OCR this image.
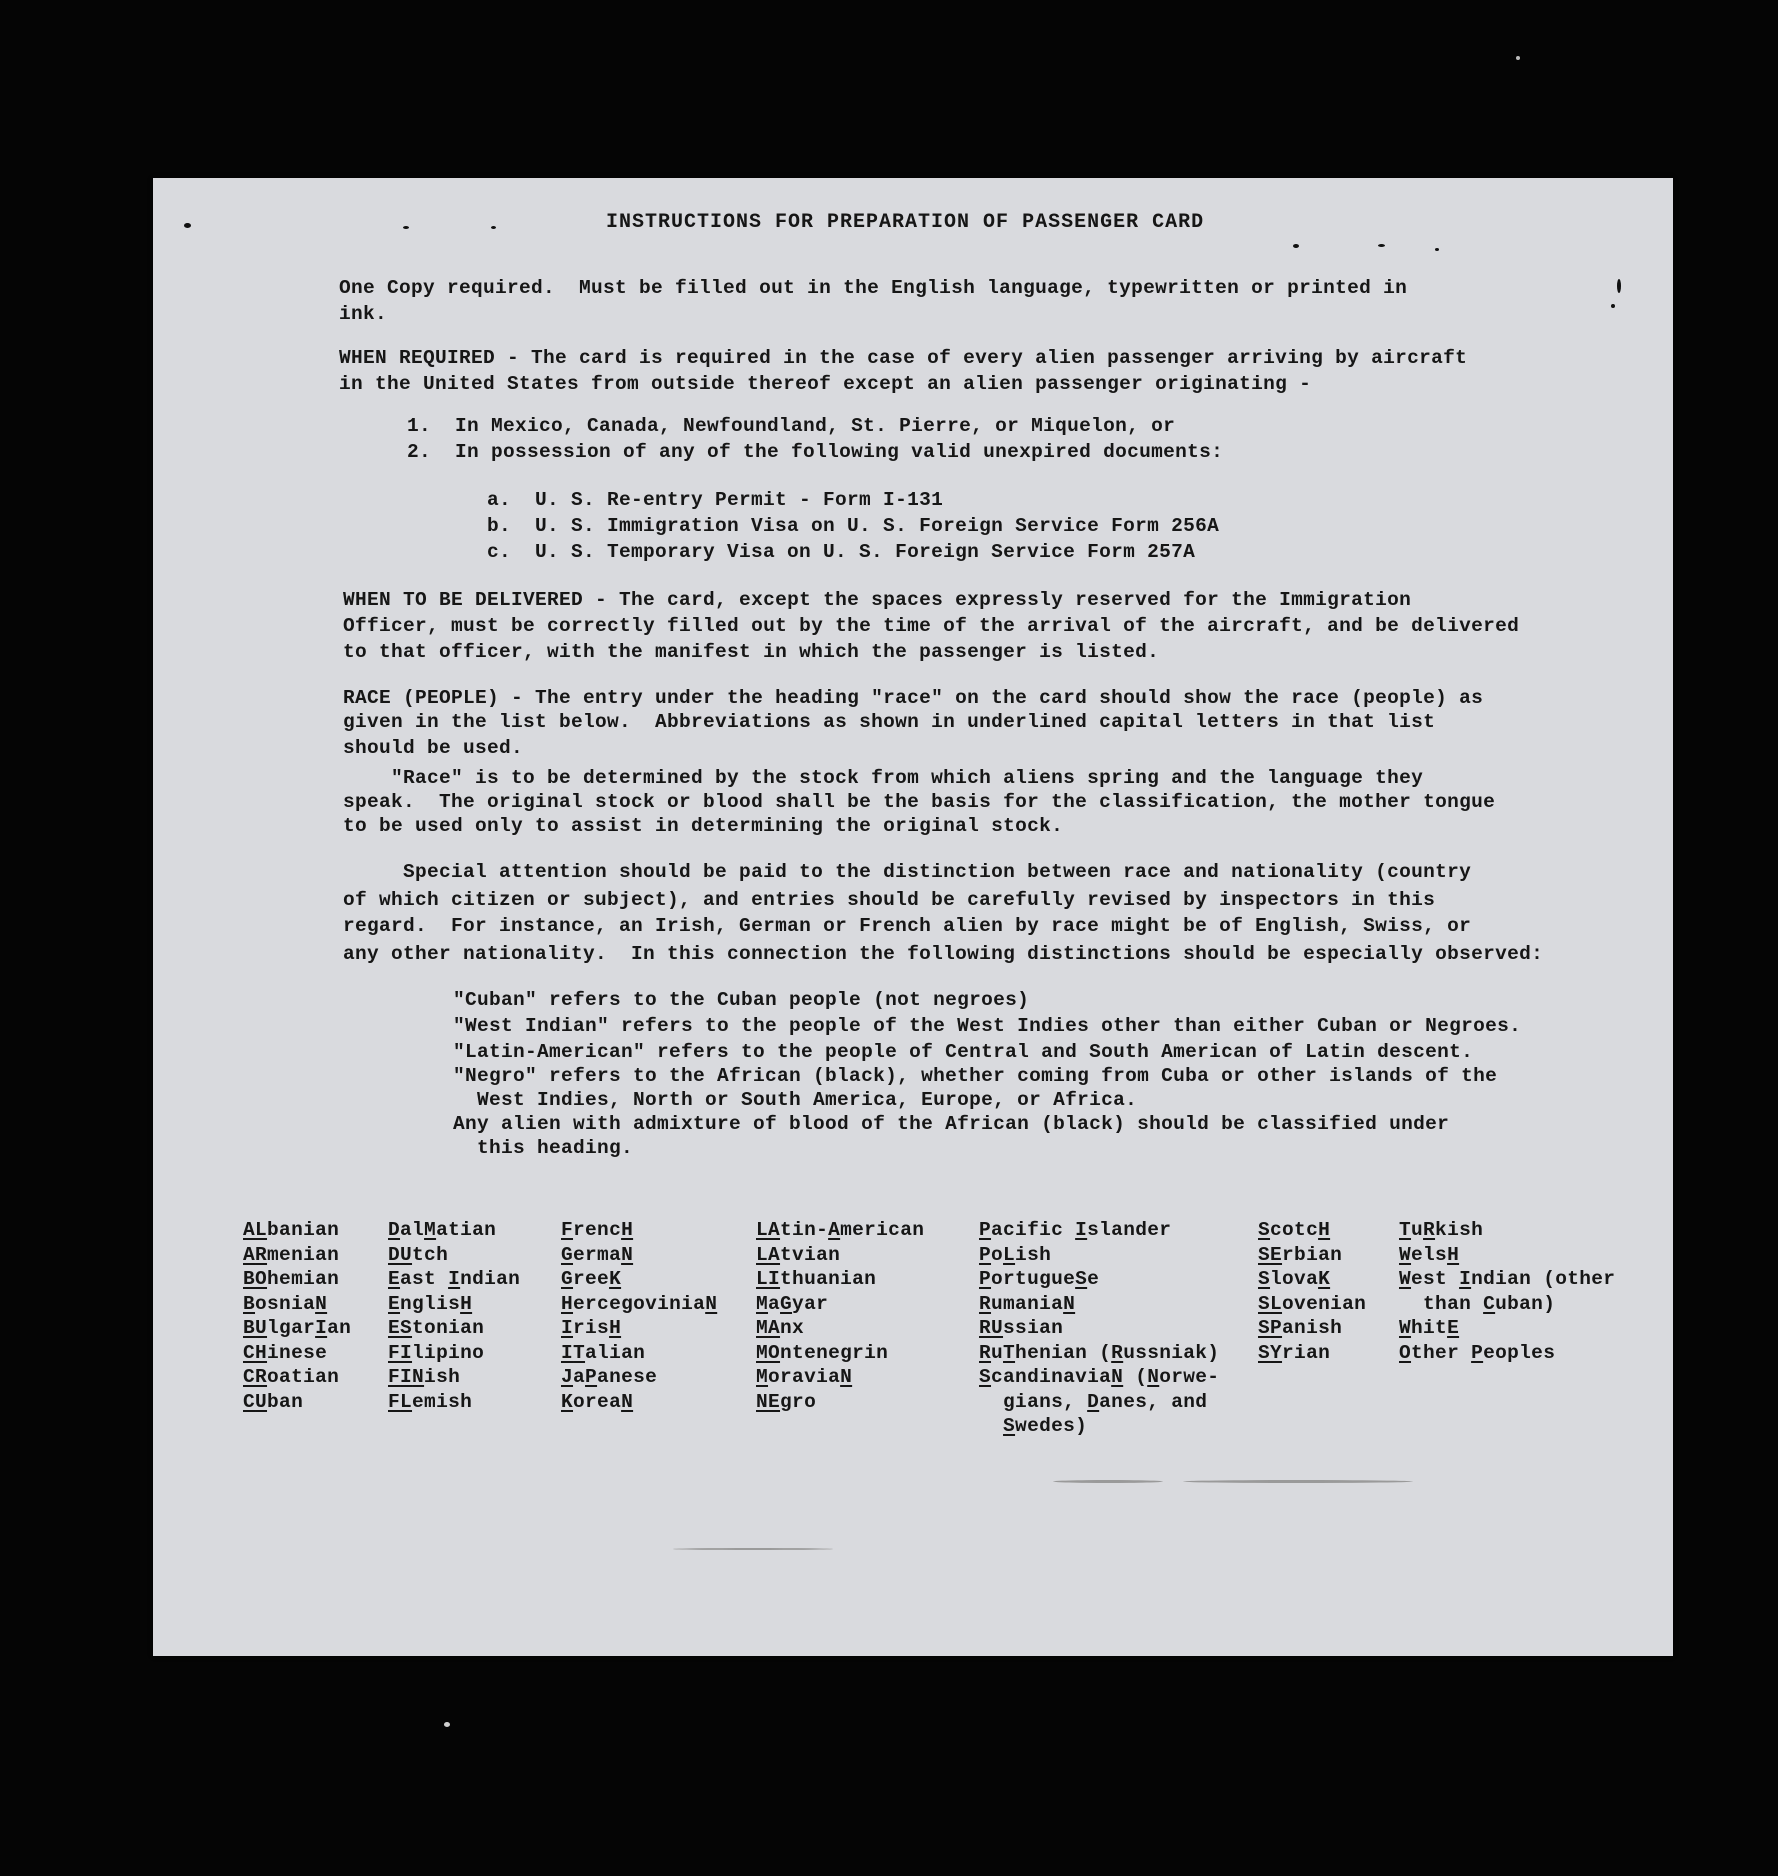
INSTRUCTIONS FOR PREPARATION OF PASSENGER CARD
One Copy required.  Must be filled out in the English language, typewritten or printed in
ink.
WHEN REQUIRED - The card is required in the case of every alien passenger arriving by aircraft
in the United States from outside thereof except an alien passenger originating -
1.  In Mexico, Canada, Newfoundland, St. Pierre, or Miquelon, or
2.  In possession of any of the following valid unexpired documents:
a.  U. S. Re-entry Permit - Form I-131
b.  U. S. Immigration Visa on U. S. Foreign Service Form 256A
c.  U. S. Temporary Visa on U. S. Foreign Service Form 257A
WHEN TO BE DELIVERED - The card, except the spaces expressly reserved for the Immigration
Officer, must be correctly filled out by the time of the arrival of the aircraft, and be delivered
to that officer, with the manifest in which the passenger is listed.
RACE (PEOPLE) - The entry under the heading "race" on the card should show the race (people) as
given in the list below.  Abbreviations as shown in underlined capital letters in that list
should be used.
"Race" is to be determined by the stock from which aliens spring and the language they
speak.  The original stock or blood shall be the basis for the classification, the mother tongue
to be used only to assist in determining the original stock.
Special attention should be paid to the distinction between race and nationality (country
of which citizen or subject), and entries should be carefully revised by inspectors in this
regard.  For instance, an Irish, German or French alien by race might be of English, Swiss, or
any other nationality.  In this connection the following distinctions should be especially observed:
"Cuban" refers to the Cuban people (not negroes)
"West Indian" refers to the people of the West Indies other than either Cuban or Negroes.
"Latin-American" refers to the people of Central and South American of Latin descent.
"Negro" refers to the African (black), whether coming from Cuba or other islands of the
West Indies, North or South America, Europe, or Africa.
Any alien with admixture of blood of the African (black) should be classified under
this heading.
ALbanian
ARmenian
BOhemian
BosniaN
BUlgarIan
CHinese
CRoatian
CUban
DalMatian
DUtch
East Indian
EnglisH
EStonian
FIlipino
FINish
FLemish
FrencH
GermaN
GreeK
HercegoviniaN
IrisH
ITalian
JaPanese
KoreaN
LAtin-American
LAtvian
LIthuanian
MaGyar
MAnx
MOntenegrin
MoraviaN
NEgro
Pacific Islander
PoLish
PortugueSe
RumaniaN
RUssian
RuThenian (Russniak)
ScandinaviaN (Norwe-
gians, Danes, and
Swedes)
ScotcH
SErbian
SlovaK
SLovenian
SPanish
SYrian
TuRkish
WelsH
West Indian (other
than Cuban)
WhitE
Other Peoples
